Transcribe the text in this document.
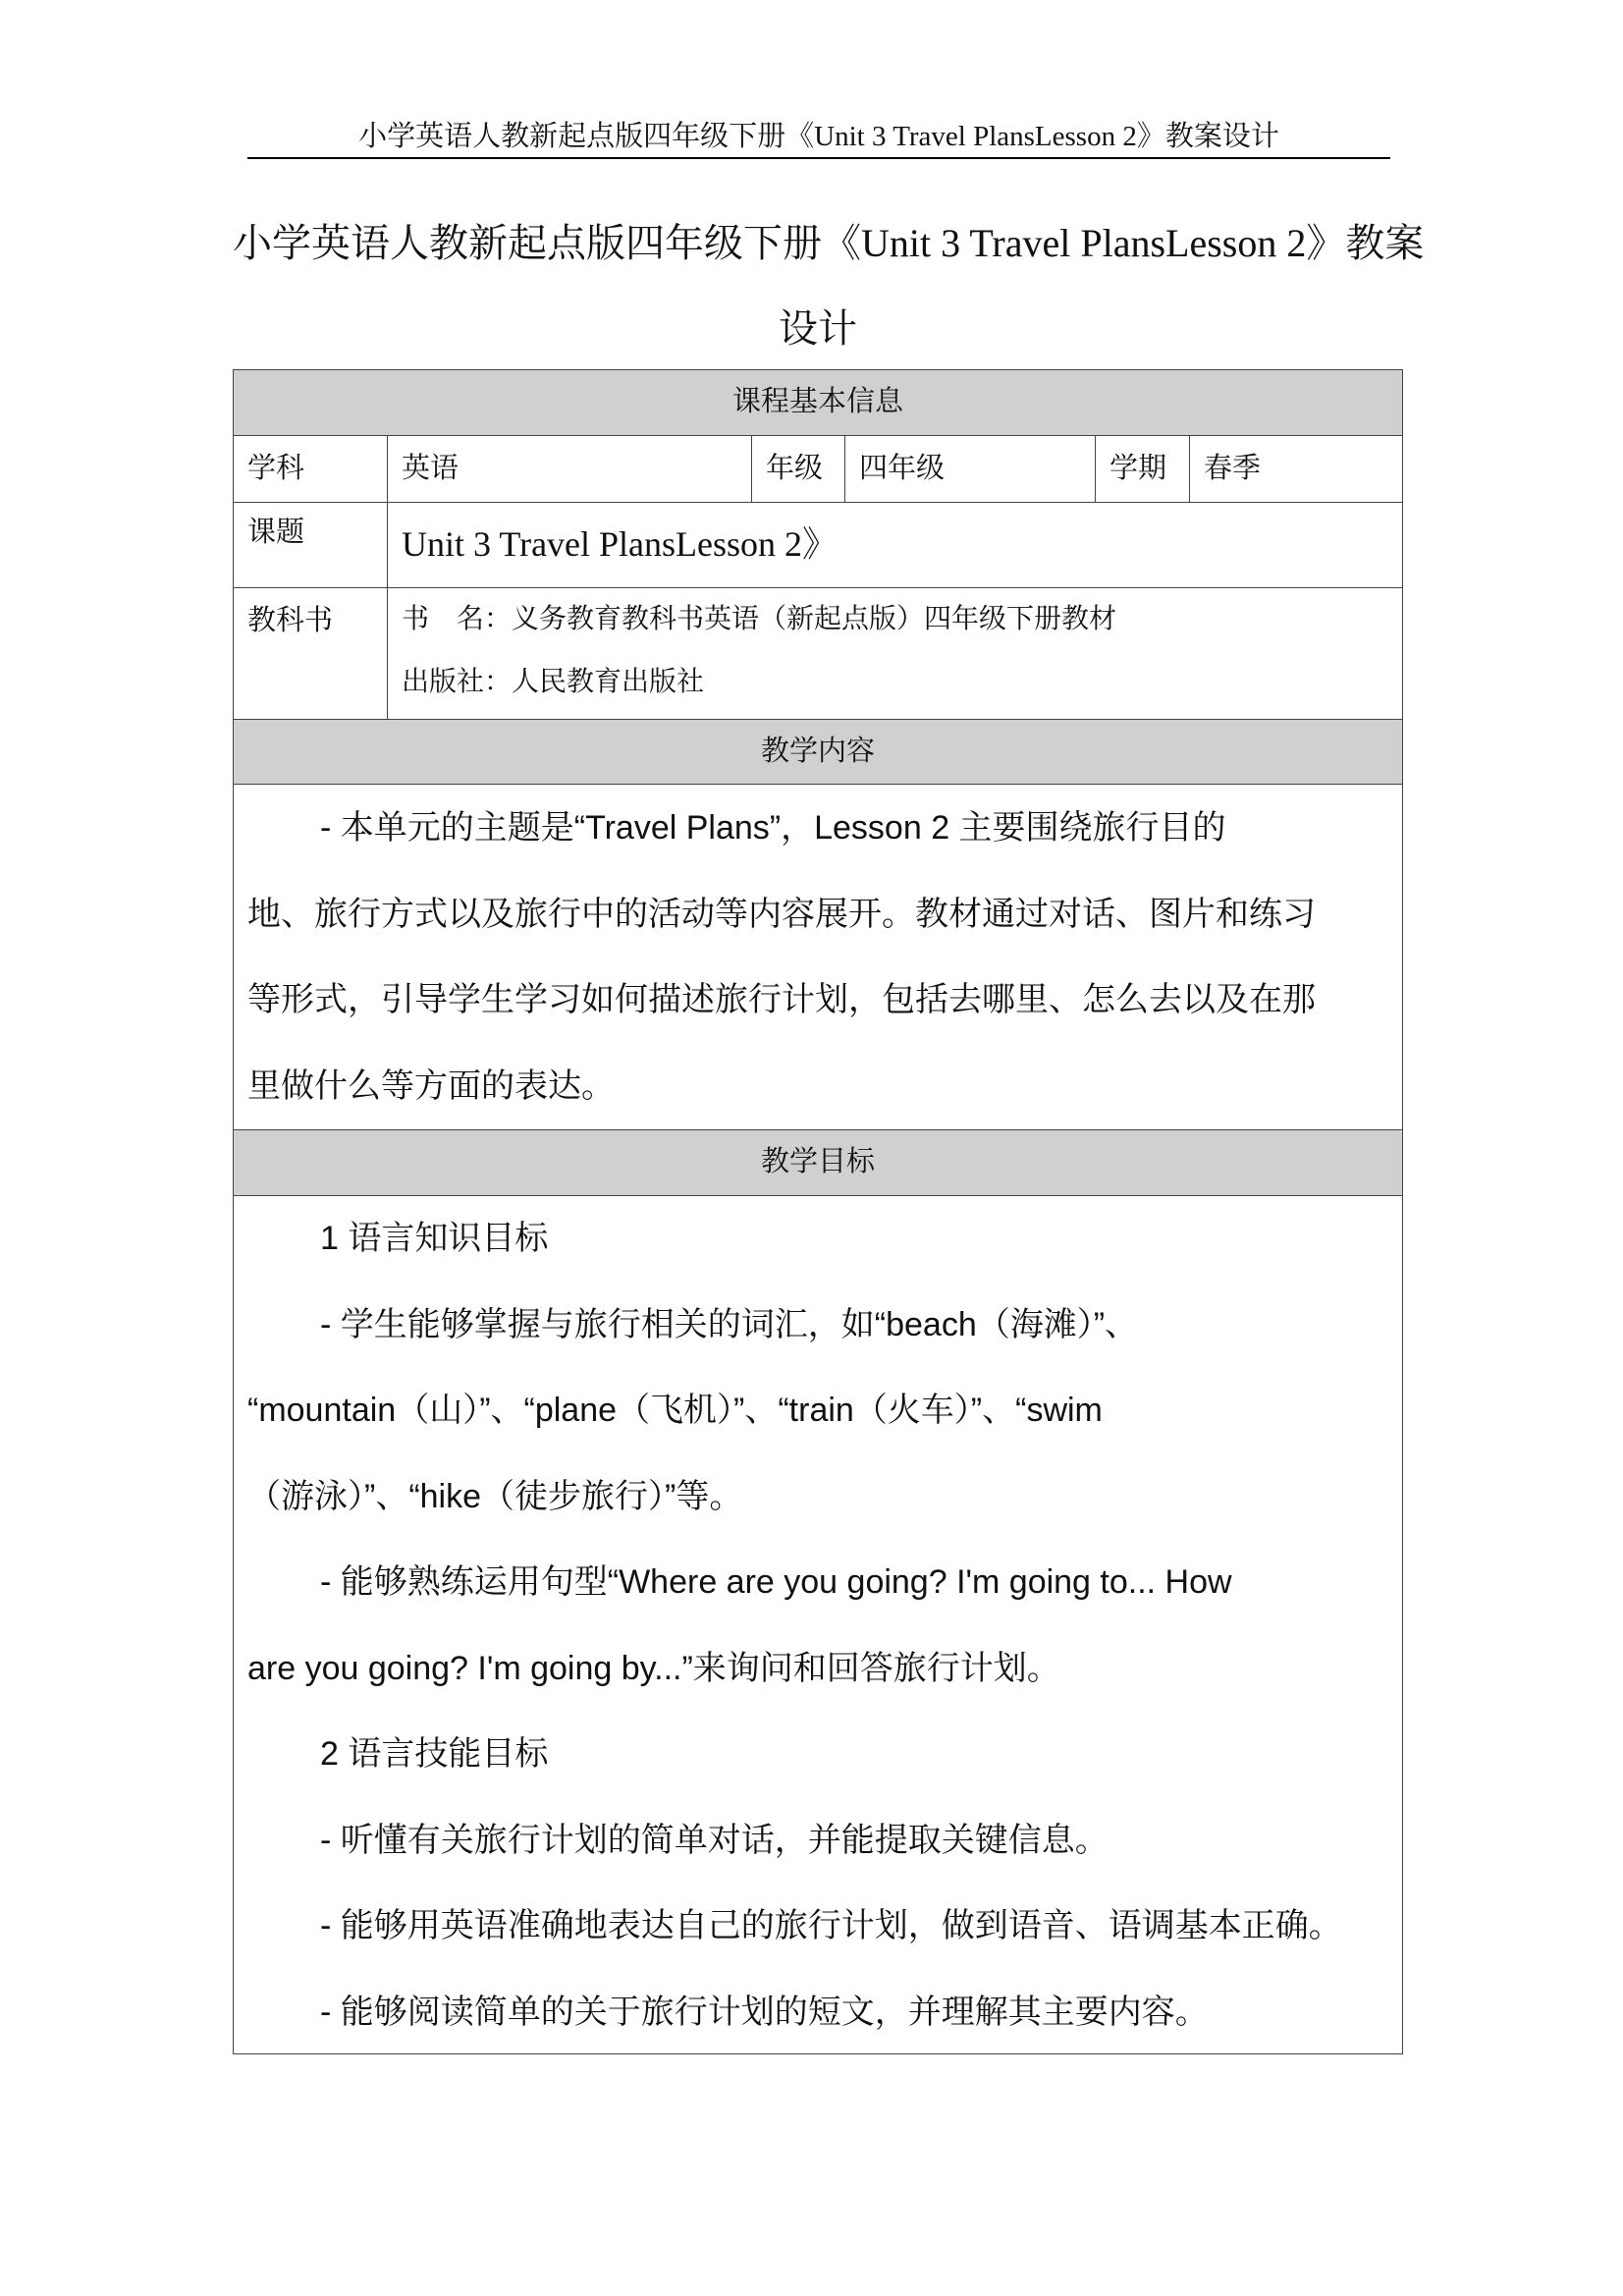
小学英语人教新起点版四年级下册《Unit 3 Travel PlansLesson 2》教案设计
小学英语人教新起点版四年级下册《Unit 3 Travel PlansLesson 2》教案
设计
课程基本信息
学科	英语	年级	四年级	学期	春季
课题	Unit 3 Travel PlansLesson 2》
教科书	书　名：义务教育教科书英语（新起点版）四年级下册教材
出版社：人民教育出版社
教学内容
- 本单元的主题是“Travel Plans”，Lesson 2 主要围绕旅行目的
地、旅行方式以及旅行中的活动等内容展开。教材通过对话、图片和练习
等形式，引导学生学习如何描述旅行计划，包括去哪里、怎么去以及在那
里做什么等方面的表达。
教学目标
1 语言知识目标
- 学生能够掌握与旅行相关的词汇，如“beach（海滩）”、
“mountain（山）”、“plane（飞机）”、“train（火车）”、“swim
（游泳）”、“hike（徒步旅行）”等。
- 能够熟练运用句型“Where are you going? I'm going to... How
are you going? I'm going by...”来询问和回答旅行计划。
2 语言技能目标
- 听懂有关旅行计划的简单对话，并能提取关键信息。
- 能够用英语准确地表达自己的旅行计划，做到语音、语调基本正确。
- 能够阅读简单的关于旅行计划的短文，并理解其主要内容。
